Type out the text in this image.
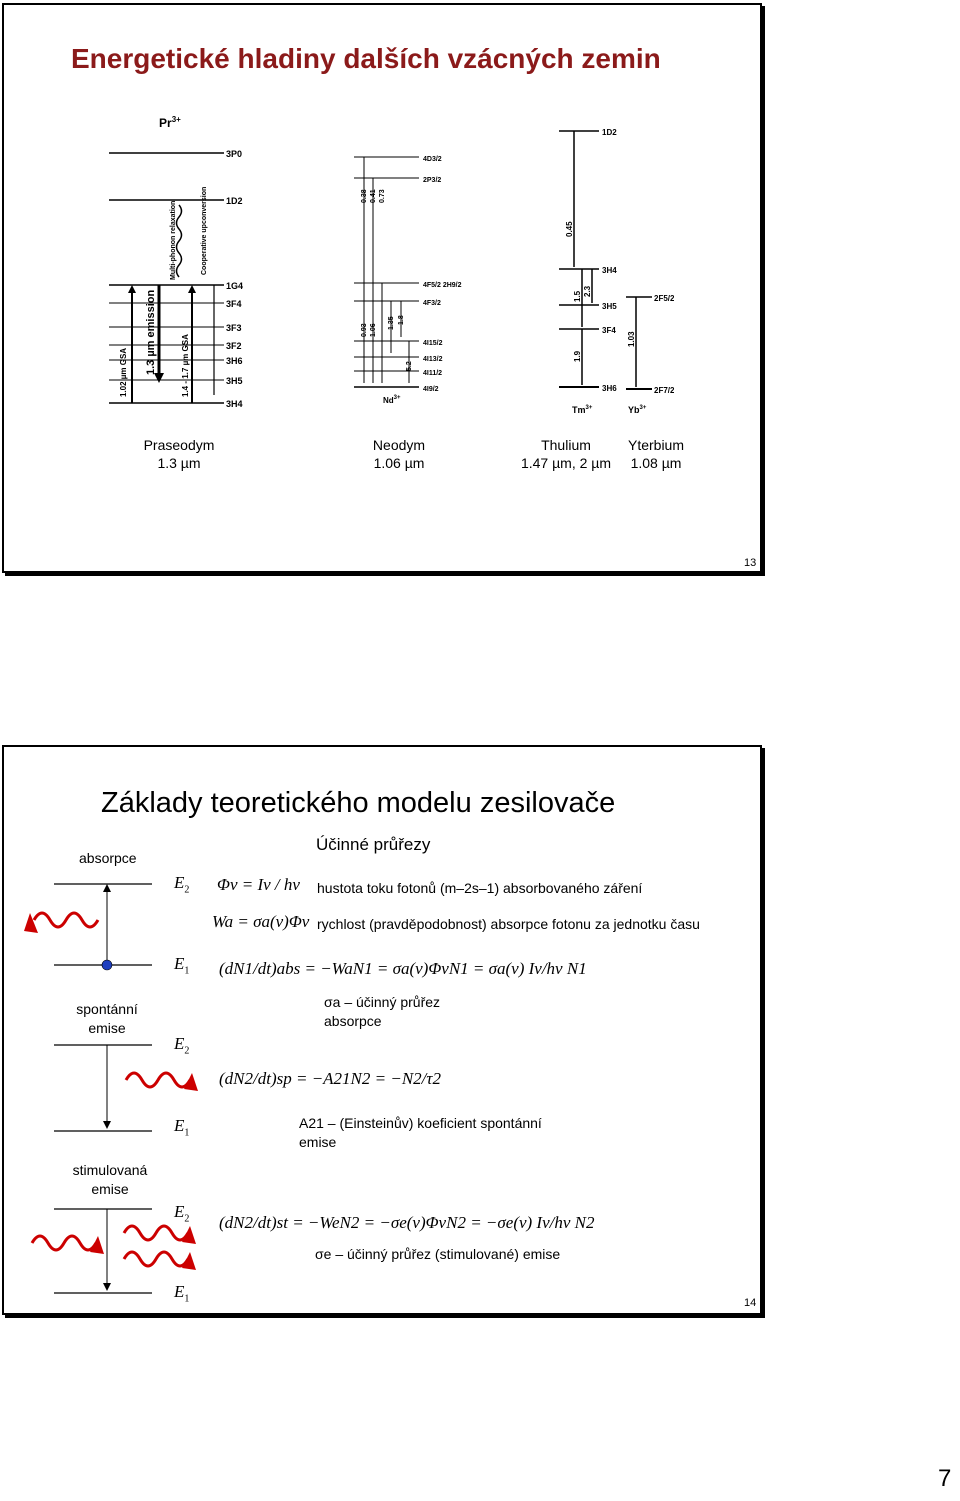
Energetické hladiny dalších vzácných zemin
$Pr^{3+}$
3P0
1D2
1G4
3F4
3F3
3F2
3H6
3H5
3H4
1.02 µm GSA 1.3 µm emission	1.4 - 1.7 µm GSA
Multi-phonon relaxation	Cooperative upconversion
4D3/2
2P3/2
4F5/2 2H9/2
4F3/2
4I15/2
4I13/2
4I11/2
4I9/2
$Nd^{3+}$
0.38 0.41 0.73
0.93 1.06
1.35 1.8
5.2
1D2
3H4
3H5
3F4
3H6
2F5/2
2F7/2
0.45
1.5 2.3
1.9
1.03
$Tm^{3+}$	$Yb^{3+}$
Praseodym
1.3 µm
Neodym
1.06 µm
Thulium
1.47 µm, 2 µm
Yterbium
1.08 µm
13
Základy teoretického modelu zesilovače
Účinné průřezy
absorpce
spontánní
emise
stimulovaná
emise
$E_2$
$E_1$
$E_2$
$E_1$
$E_2$
$E_1$
Φν = Iν / hν hustota toku fotonů (m–2s–1) absorbovaného záření
Wa = σa(ν)Φν rychlost (pravděpodobnost) absorpce fotonu za jednotku času
(dN1/dt)abs = −WaN1 = σa(ν)ΦνN1 = σa(ν) Iν/hν N1
σa – účinný průřez
absorpce
(dN2/dt)sp = −A21N2 = −N2/τ2
A21 – (Einsteinův) koeficient spontánní
emise
(dN2/dt)st = −WeN2 = −σe(ν)ΦνN2 = −σe(ν) Iν/hν N2
σe – účinný průřez (stimulované) emise
14
7
